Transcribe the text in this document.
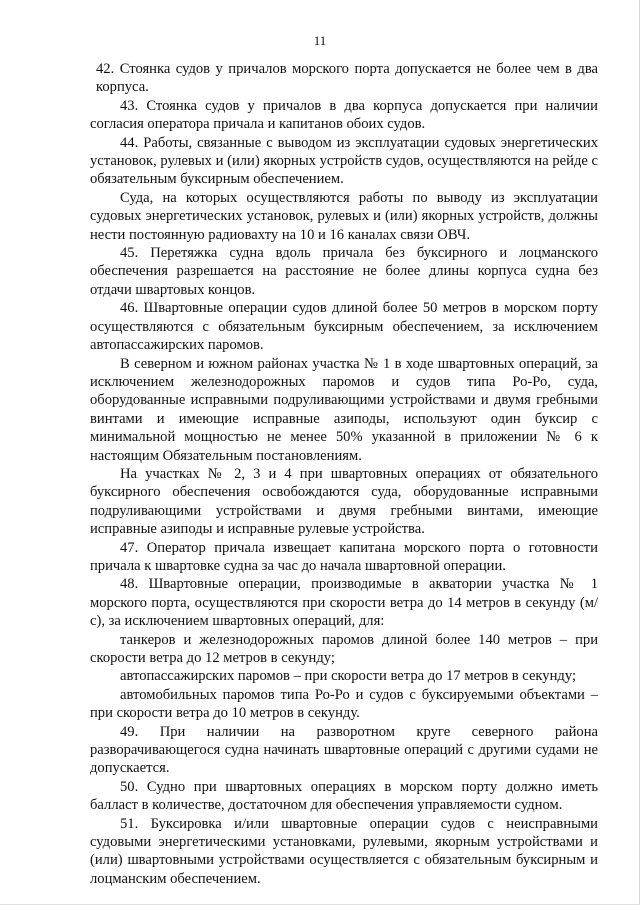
11

42. Стоянка судов у причалов морского порта допускается не более чем в два корпуса.

43. Стоянка судов у причалов в два корпуса допускается при наличии согласия оператора причала и капитанов обоих судов.

44. Работы, связанные с выводом из эксплуатации судовых энергетических установок, рулевых и (или) якорных устройств судов, осуществляются на рейде с обязательным буксирным обеспечением.

Суда, на которых осуществляются работы по выводу из эксплуатации судовых энергетических установок, рулевых и (или) якорных устройств, должны нести постоянную радиовахту на 10 и 16 каналах связи ОВЧ.

45. Перетяжка судна вдоль причала без буксирного и лоцманского обеспечения разрешается на расстояние не более длины корпуса судна без отдачи швартовых концов.

46. Швартовные операции судов длиной более 50 метров в морском порту осуществляются с обязательным буксирным обеспечением, за исключением автопассажирских паромов.

В северном и южном районах участка № 1 в ходе швартовных операций, за исключением железнодорожных паромов и судов типа Ро-Ро, суда, оборудованные исправными подруливающими устройствами и двумя гребными винтами и имеющие исправные азиподы, используют один буксир с минимальной мощностью не менее 50% указанной в приложении № 6 к настоящим Обязательным постановлениям.

На участках № 2, 3 и 4 при швартовных операциях от обязательного буксирного обеспечения освобождаются суда, оборудованные исправными подруливающими устройствами и двумя гребными винтами, имеющие исправные азиподы и исправные рулевые устройства.

47. Оператор причала извещает капитана морского порта о готовности причала к швартовке судна за час до начала швартовной операции.

48. Швартовные операции, производимые в акватории участка № 1 морского порта, осуществляются при скорости ветра до 14 метров в секунду (м/с), за исключением швартовных операций, для:

танкеров и железнодорожных паромов длиной более 140 метров – при скорости ветра до 12 метров в секунду;

автопассажирских паромов – при скорости ветра до 17 метров в секунду;

автомобильных паромов типа Ро-Ро и судов с буксируемыми объектами – при скорости ветра до 10 метров в секунду.

49. При наличии на разворотном круге северного района разворачивающегося судна начинать швартовные операций с другими судами не допускается.

50. Судно при швартовных операциях в морском порту должно иметь балласт в количестве, достаточном для обеспечения управляемости судном.

51. Буксировка и/или швартовные операции судов с неисправными судовыми энергетическими установками, рулевыми, якорным устройствами и (или) швартовными устройствами осуществляется с обязательным буксирным и лоцманским обеспечением.
